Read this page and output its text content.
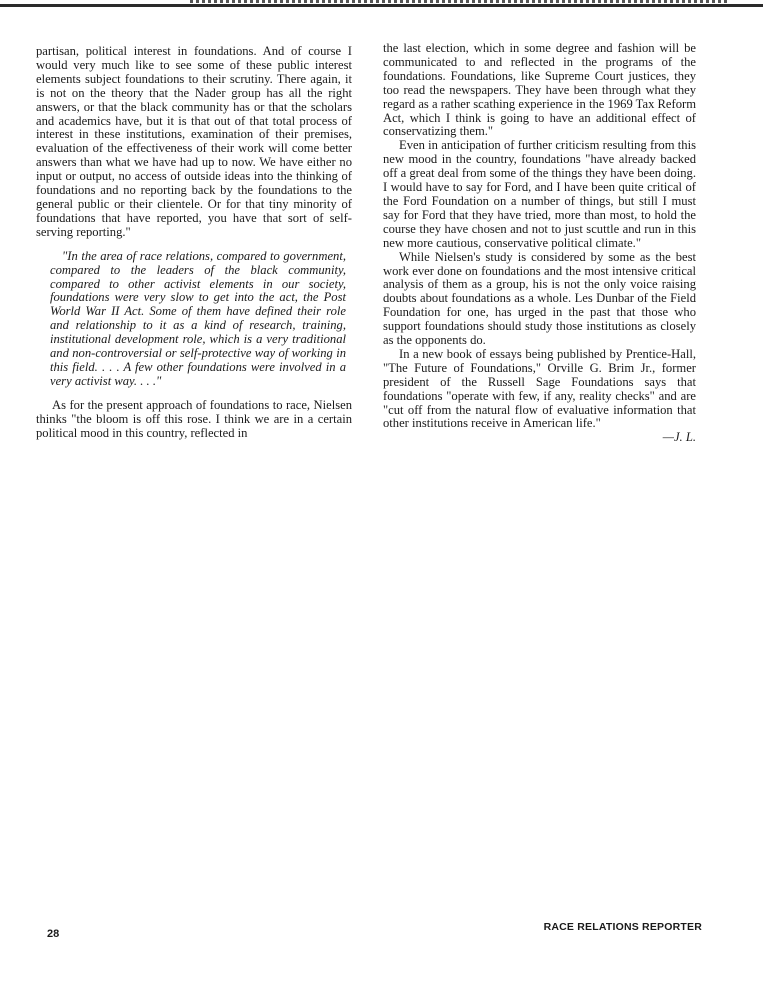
partisan, political interest in foundations. And of course I would very much like to see some of these public interest elements subject foundations to their scrutiny. There again, it is not on the theory that the Nader group has all the right answers, or that the black community has or that the scholars and academics have, but it is that out of that total process of interest in these institutions, examination of their premises, evaluation of the effectiveness of their work will come better answers than what we have had up to now. We have either no input or output, no access of outside ideas into the thinking of foundations and no reporting back by the foundations to the general public or their clientele. Or for that tiny minority of foundations that have reported, you have that sort of self-serving reporting."

"In the area of race relations, compared to government, compared to the leaders of the black community, compared to other activist elements in our society, foundations were very slow to get into the act, the Post World War II Act. Some of them have defined their role and relationship to it as a kind of research, training, institutional development role, which is a very traditional and non-controversial or self-protective way of working in this field. . . . A few other foundations were involved in a very activist way. . . ."

As for the present approach of foundations to race, Nielsen thinks "the bloom is off this rose. I think we are in a certain political mood in this country, reflected in

the last election, which in some degree and fashion will be communicated to and reflected in the programs of the foundations. Foundations, like Supreme Court justices, they too read the newspapers. They have been through what they regard as a rather scathing experience in the 1969 Tax Reform Act, which I think is going to have an additional effect of conservatizing them."

Even in anticipation of further criticism resulting from this new mood in the country, foundations "have already backed off a great deal from some of the things they have been doing. I would have to say for Ford, and I have been quite critical of the Ford Foundation on a number of things, but still I must say for Ford that they have tried, more than most, to hold the course they have chosen and not to just scuttle and run in this new more cautious, conservative political climate."

While Nielsen's study is considered by some as the best work ever done on foundations and the most intensive critical analysis of them as a group, his is not the only voice raising doubts about foundations as a whole. Les Dunbar of the Field Foundation for one, has urged in the past that those who support foundations should study those institutions as closely as the opponents do.

In a new book of essays being published by Prentice-Hall, "The Future of Foundations," Orville G. Brim Jr., former president of the Russell Sage Foundations says that foundations "operate with few, if any, reality checks" and are "cut off from the natural flow of evaluative information that other institutions receive in American life."

—J. L.
28
RACE RELATIONS REPORTER
